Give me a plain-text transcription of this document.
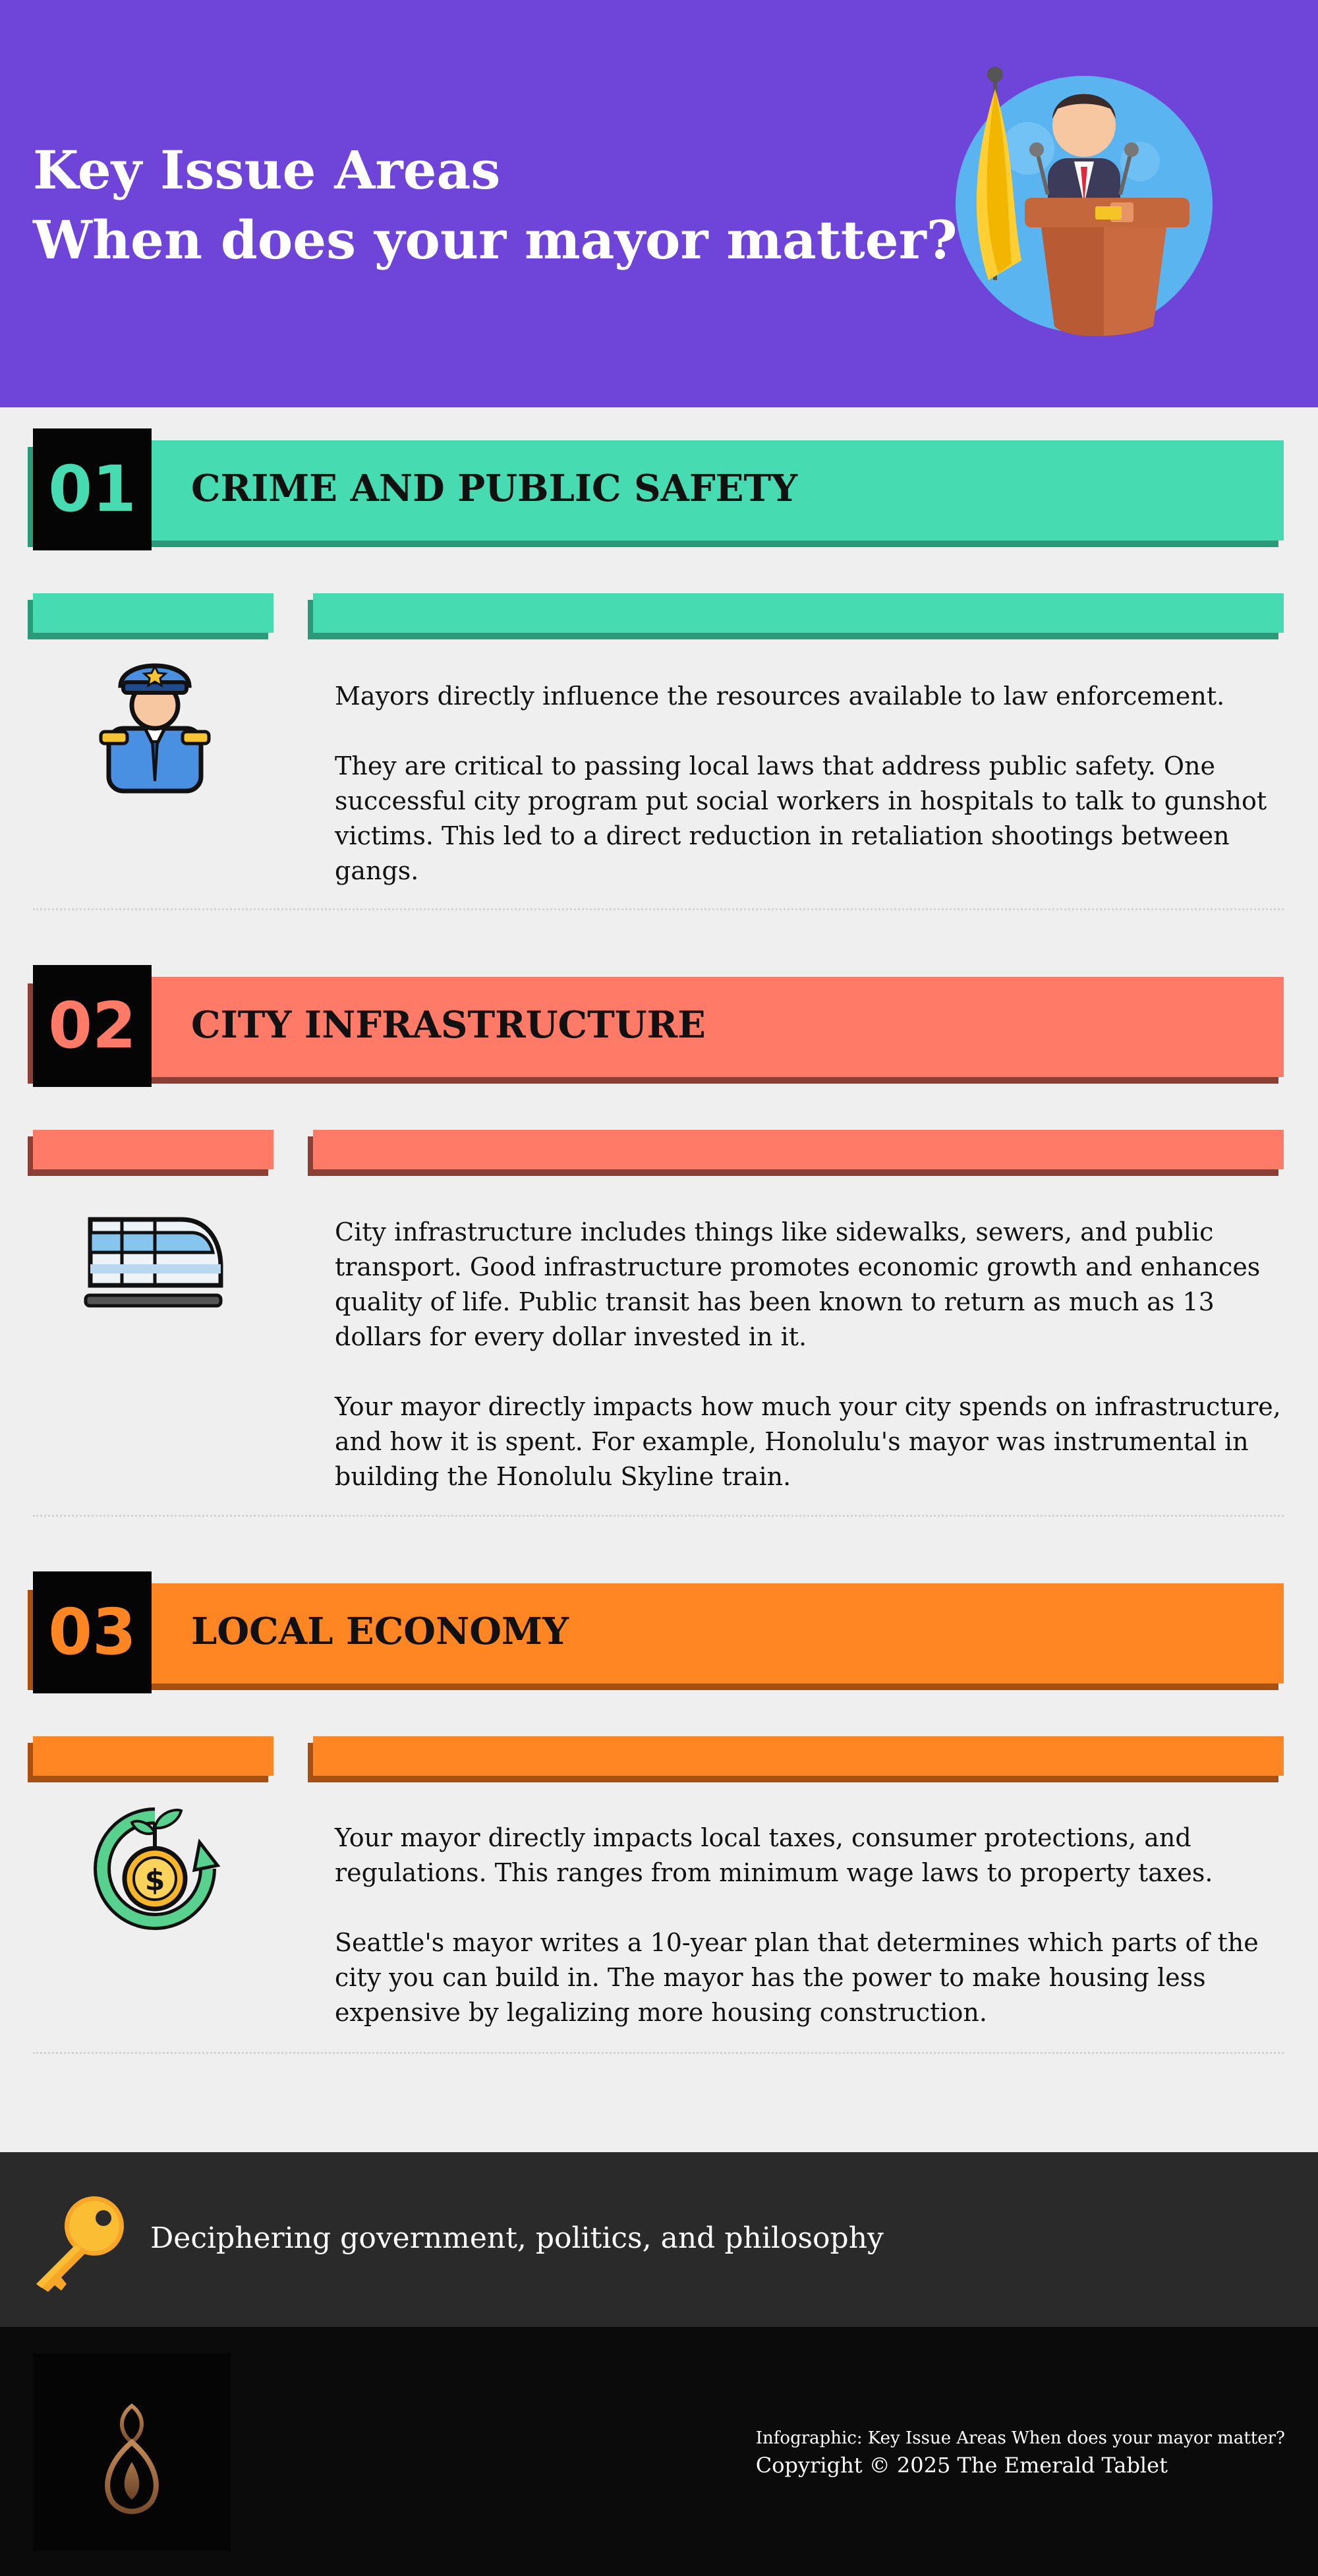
Key Issue Areas
When does your mayor matter?
01	CRIME AND PUBLIC SAFETY

Mayors directly influence the resources available to law enforcement.

They are critical to passing local laws that address public safety. One successful city program put social workers in hospitals to talk to gunshot victims. This led to a direct reduction in retaliation shootings between gangs.

02	CITY INFRASTRUCTURE

City infrastructure includes things like sidewalks, sewers, and public transport. Good infrastructure promotes economic growth and enhances quality of life. Public transit has been known to return as much as 13 dollars for every dollar invested in it.

Your mayor directly impacts how much your city spends on infrastructure, and how it is spent. For example, Honolulu's mayor was instrumental in building the Honolulu Skyline train.

03	LOCAL ECONOMY
$

Your mayor directly impacts local taxes, consumer protections, and regulations. This ranges from minimum wage laws to property taxes.

Seattle's mayor writes a 10-year plan that determines which parts of the city you can build in. The mayor has the power to make housing less expensive by legalizing more housing construction.

Deciphering government, politics, and philosophy
Infographic: Key Issue Areas When does your mayor matter?
Copyright © 2025 The Emerald Tablet
